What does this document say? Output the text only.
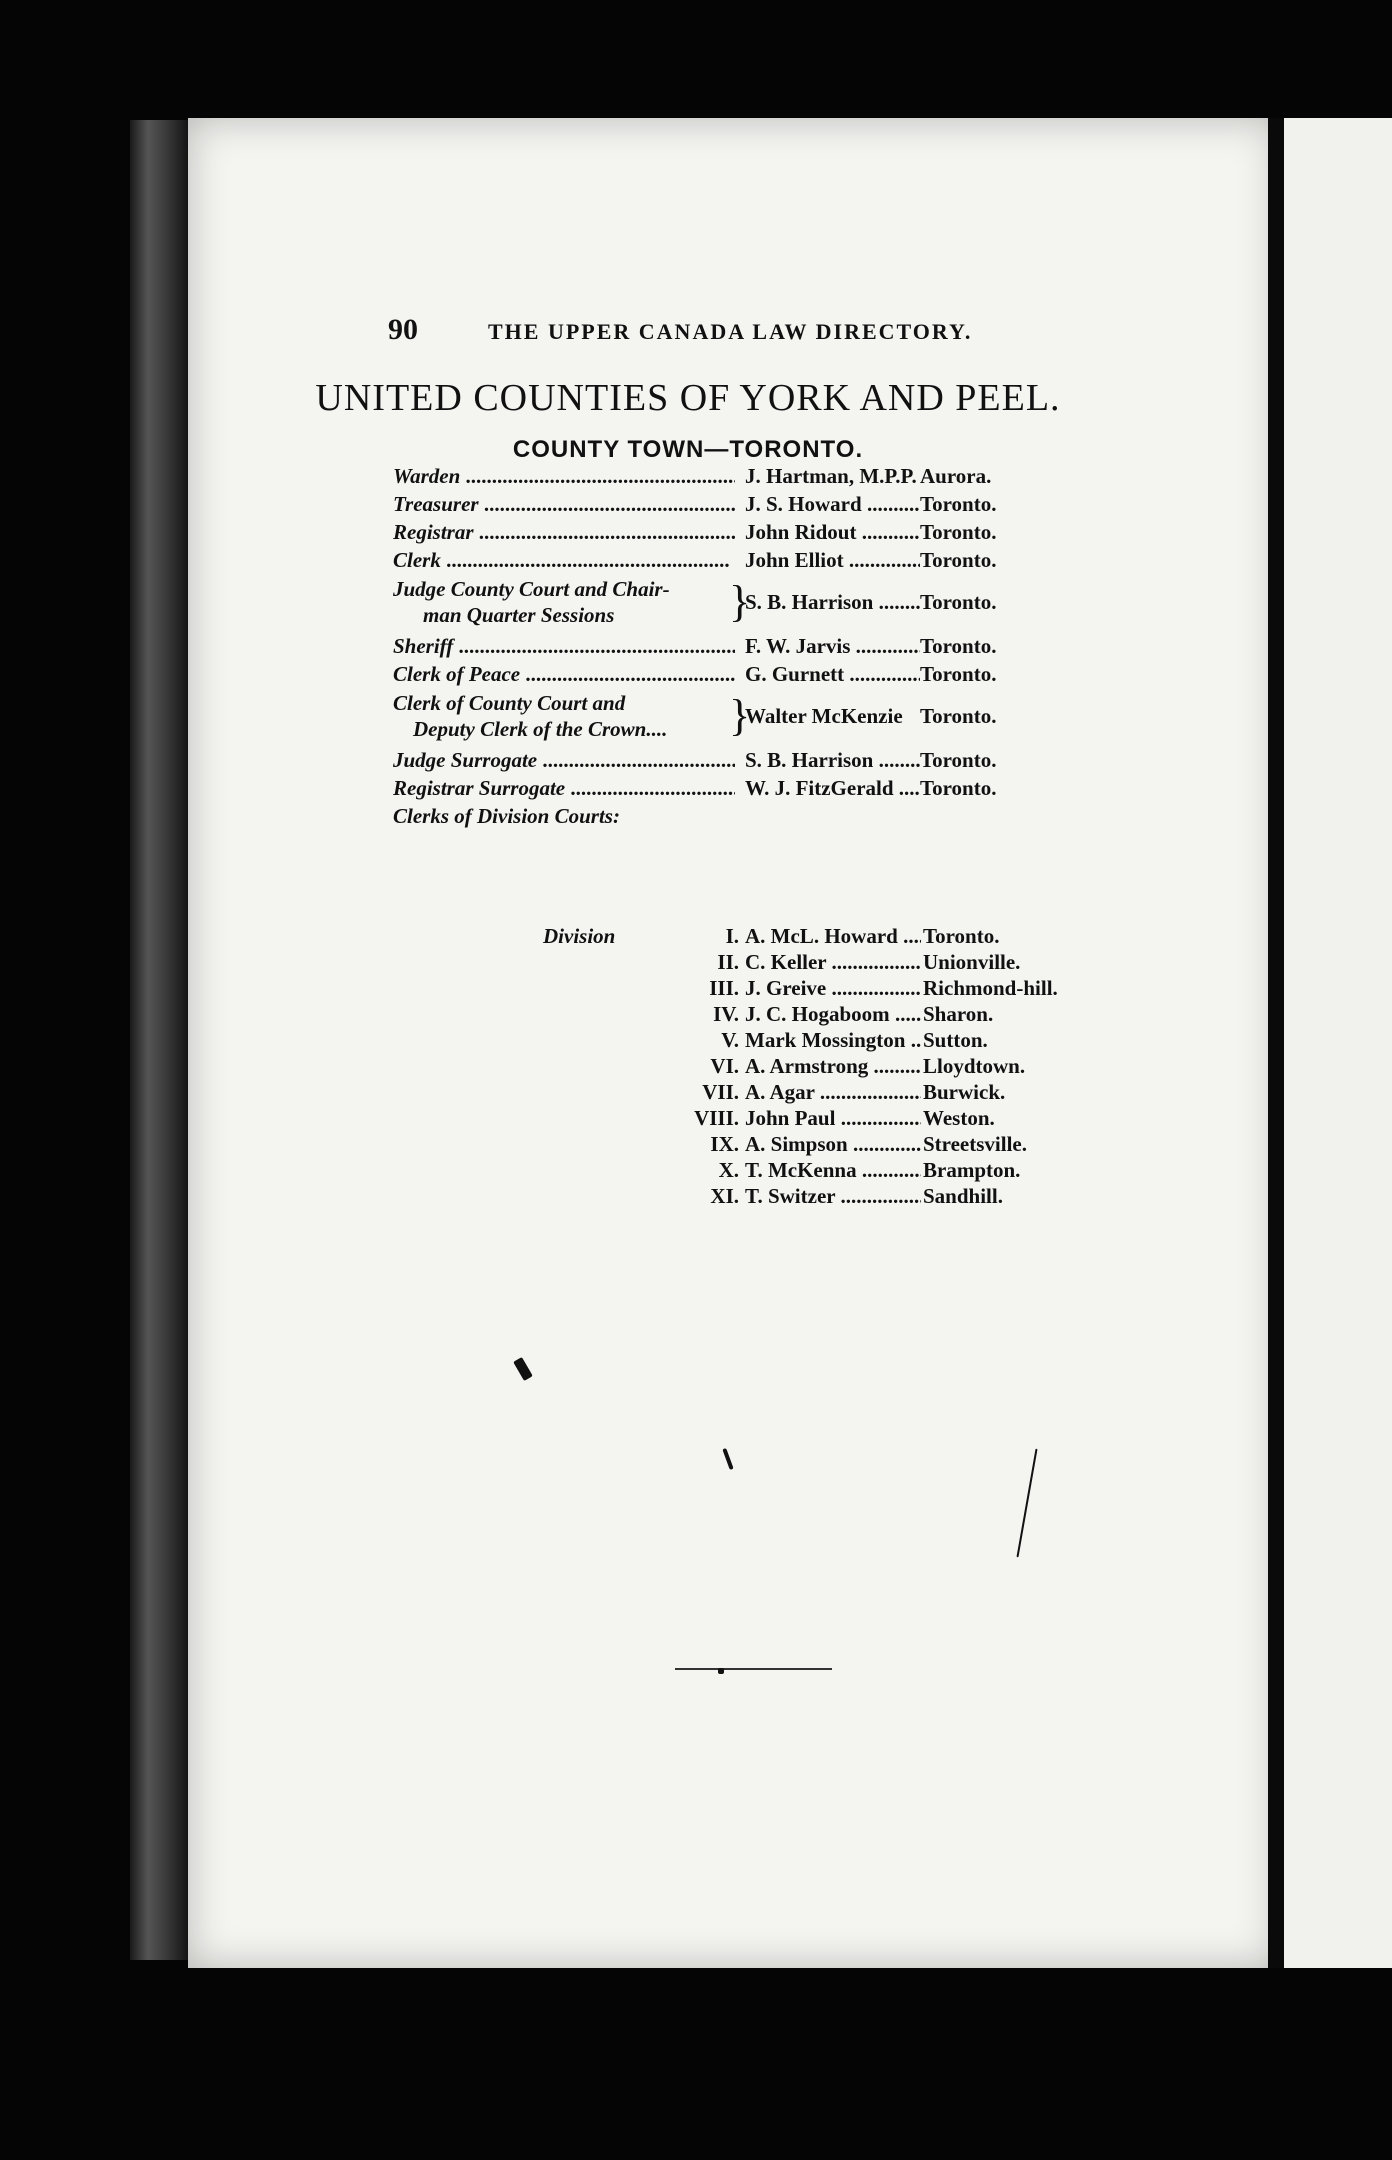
90	THE UPPER CANADA LAW DIRECTORY.
UNITED COUNTIES OF YORK AND PEEL.
COUNTY TOWN—TORONTO.
Warden .....	J. Hartman, M.P.P. ..... Aurora.
Treasurer .....	J. S. Howard .....	Toronto.
Registrar .....	John Ridout .....	Toronto.
Clerk .....	John Elliot .....	Toronto.
Judge County Court and Chair-
man Quarter Sessions	}
S. B. Harrison .....	Toronto.
Sheriff .....	F. W. Jarvis .....	Toronto.
Clerk of Peace .....	G. Gurnett .....	Toronto.
Clerk of County Court and
Deputy Clerk of the Crown....	}
Walter McKenzie Toronto.
Judge Surrogate .....	S. B. Harrison .....	Toronto.
Registrar Surrogate .....	W. J. FitzGerald .....	Toronto.
Clerks of Division Courts:
Division	I. A. McL. Howard .....	Toronto.
II. C. Keller .....	Unionville.
III. J. Greive .....	Richmond-hill.
IV. J. C. Hogaboom .....	Sharon.
V. Mark Mossington ..... Sutton.
VI. A. Armstrong .....	Lloydtown.
VII. A. Agar .....	Burwick.
VIII. John Paul .....	Weston.
IX. A. Simpson .....	Streetsville.
X. T. McKenna .....	Brampton.
XI. T. Switzer .....	Sandhill.
